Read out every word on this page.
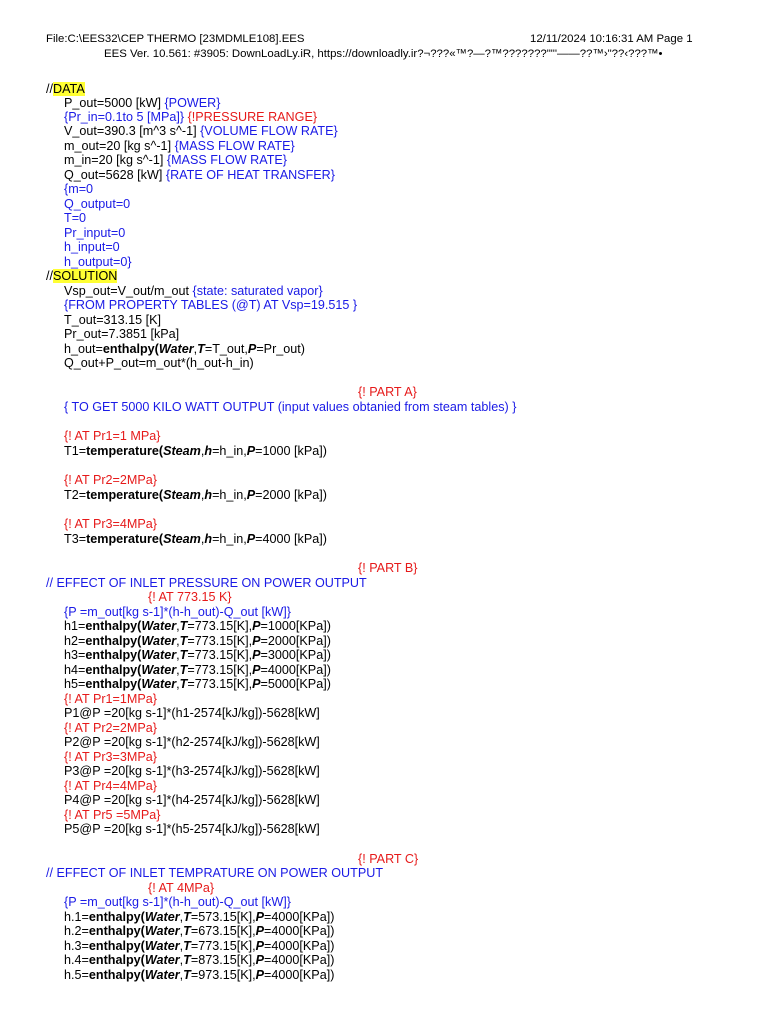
File:C:\EES32\CEP THERMO [23MDMLE108].EES	12/11/2024 10:16:31 AM Page 1
EES Ver. 10.561: #3905: DownLoadLy.iR, https://downloadly.ir?¬???«™?—?™???????""'——??™›"??‹???™•
//DATA
P_out=5000 [kW] {POWER}
{Pr_in=0.1to 5 [MPa]} {!PRESSURE RANGE}
V_out=390.3 [m^3 s^-1] {VOLUME FLOW RATE}
m_out=20 [kg s^-1] {MASS FLOW RATE}
m_in=20 [kg s^-1] {MASS FLOW RATE}
Q_out=5628 [kW] {RATE OF HEAT TRANSFER}
{m=0
Q_output=0
T=0
Pr_input=0
h_input=0
h_output=0}
//SOLUTION
Vsp_out=V_out/m_out {state: saturated vapor}
{FROM PROPERTY TABLES (@T) AT Vsp=19.515 }
T_out=313.15 [K]
Pr_out=7.3851 [kPa]
h_out=enthalpy(Water,T=T_out,P=Pr_out)
Q_out+P_out=m_out*(h_out-h_in)
{! PART A}
{ TO GET 5000 KILO WATT OUTPUT (input values obtanied from steam tables) }
{! AT Pr1=1 MPa}
T1=temperature(Steam,h=h_in,P=1000 [kPa])
{! AT Pr2=2MPa}
T2=temperature(Steam,h=h_in,P=2000 [kPa])
{! AT Pr3=4MPa}
T3=temperature(Steam,h=h_in,P=4000 [kPa])
{! PART B}
// EFFECT OF INLET PRESSURE ON POWER OUTPUT
{! AT 773.15 K}
{P =m_out[kg s-1]*(h-h_out)-Q_out [kW]}
h1=enthalpy(Water,T=773.15[K],P=1000[KPa])
h2=enthalpy(Water,T=773.15[K],P=2000[KPa])
h3=enthalpy(Water,T=773.15[K],P=3000[KPa])
h4=enthalpy(Water,T=773.15[K],P=4000[KPa])
h5=enthalpy(Water,T=773.15[K],P=5000[KPa])
{! AT Pr1=1MPa}
P1@P =20[kg s-1]*(h1-2574[kJ/kg])-5628[kW]
{! AT Pr2=2MPa}
P2@P =20[kg s-1]*(h2-2574[kJ/kg])-5628[kW]
{! AT Pr3=3MPa}
P3@P =20[kg s-1]*(h3-2574[kJ/kg])-5628[kW]
{! AT Pr4=4MPa}
P4@P =20[kg s-1]*(h4-2574[kJ/kg])-5628[kW]
{! AT Pr5 =5MPa}
P5@P =20[kg s-1]*(h5-2574[kJ/kg])-5628[kW]
{! PART C}
// EFFECT OF INLET TEMPRATURE ON POWER OUTPUT
{! AT 4MPa}
{P =m_out[kg s-1]*(h-h_out)-Q_out [kW]}
h.1=enthalpy(Water,T=573.15[K],P=4000[KPa])
h.2=enthalpy(Water,T=673.15[K],P=4000[KPa])
h.3=enthalpy(Water,T=773.15[K],P=4000[KPa])
h.4=enthalpy(Water,T=873.15[K],P=4000[KPa])
h.5=enthalpy(Water,T=973.15[K],P=4000[KPa])
